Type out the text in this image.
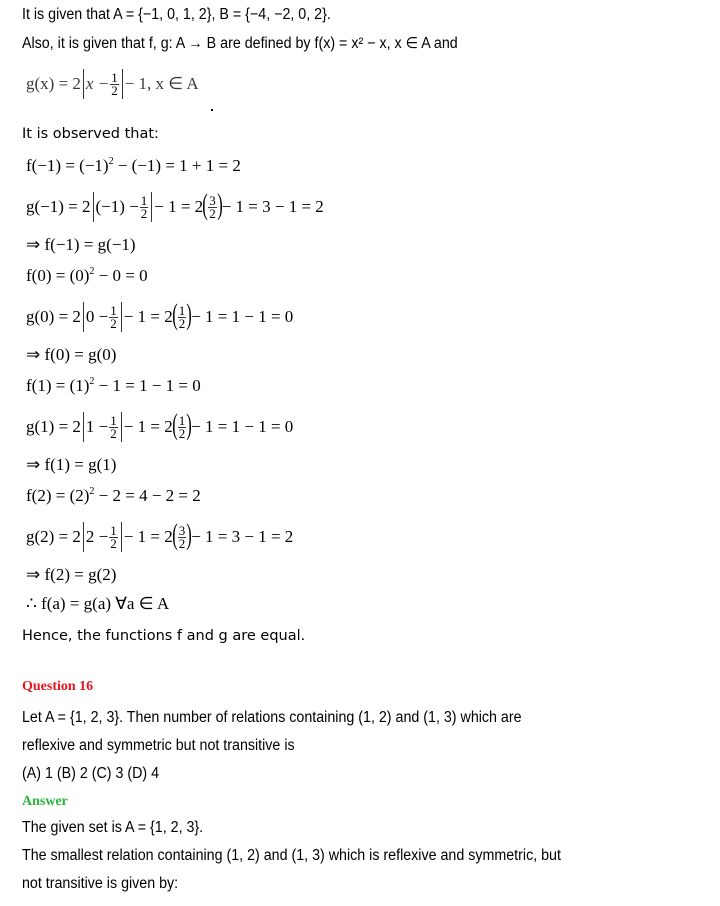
It is given that A = {−1, 0, 1, 2}, B = {−4, −2, 0, 2}.
Also, it is given that f, g: A → B are defined by f(x) = x² − x, x ∈ A and
g(x) = 2 $x - \frac{1}{2} - 1$, x ∈ A
It is observed that:
$f(-1) = (-1)^2 - (-1) = 1 + 1 = 2$
g(−1) = 2 $(-1) - \frac{1}{2} - 1 = 2( \frac{3}{2}$ )− 1 = 3 − 1 = 2
⇒ f(−1) = g(−1)
$f(0) = (0)^2 - 0 = 0$
g(0) = 2 $0 - \frac{1}{2} - 1 = 2( \frac{1}{2}$ )− 1 = 1 − 1 = 0
⇒ f(0) = g(0)
$f(1) = (1)^2 - 1 = 1 - 1 = 0$
g(1) = 2 $1 - \frac{1}{2} - 1 = 2( \frac{1}{2}$ )− 1 = 1 − 1 = 0
⇒ f(1) = g(1)
$f(2) = (2)^2 - 2 = 4 - 2 = 2$
g(2) = 2 $2 - \frac{1}{2} - 1 = 2( \frac{3}{2}$ )− 1 = 3 − 1 = 2
⇒ f(2) = g(2)
∴ f(a) = g(a) ∀a ∈ A
Hence, the functions f and g are equal.
Question 16
Let A = {1, 2, 3}. Then number of relations containing (1, 2) and (1, 3) which are
reflexive and symmetric but not transitive is
(A) 1 (B) 2 (C) 3 (D) 4
Answer
The given set is A = {1, 2, 3}.
The smallest relation containing (1, 2) and (1, 3) which is reflexive and symmetric, but
not transitive is given by:
